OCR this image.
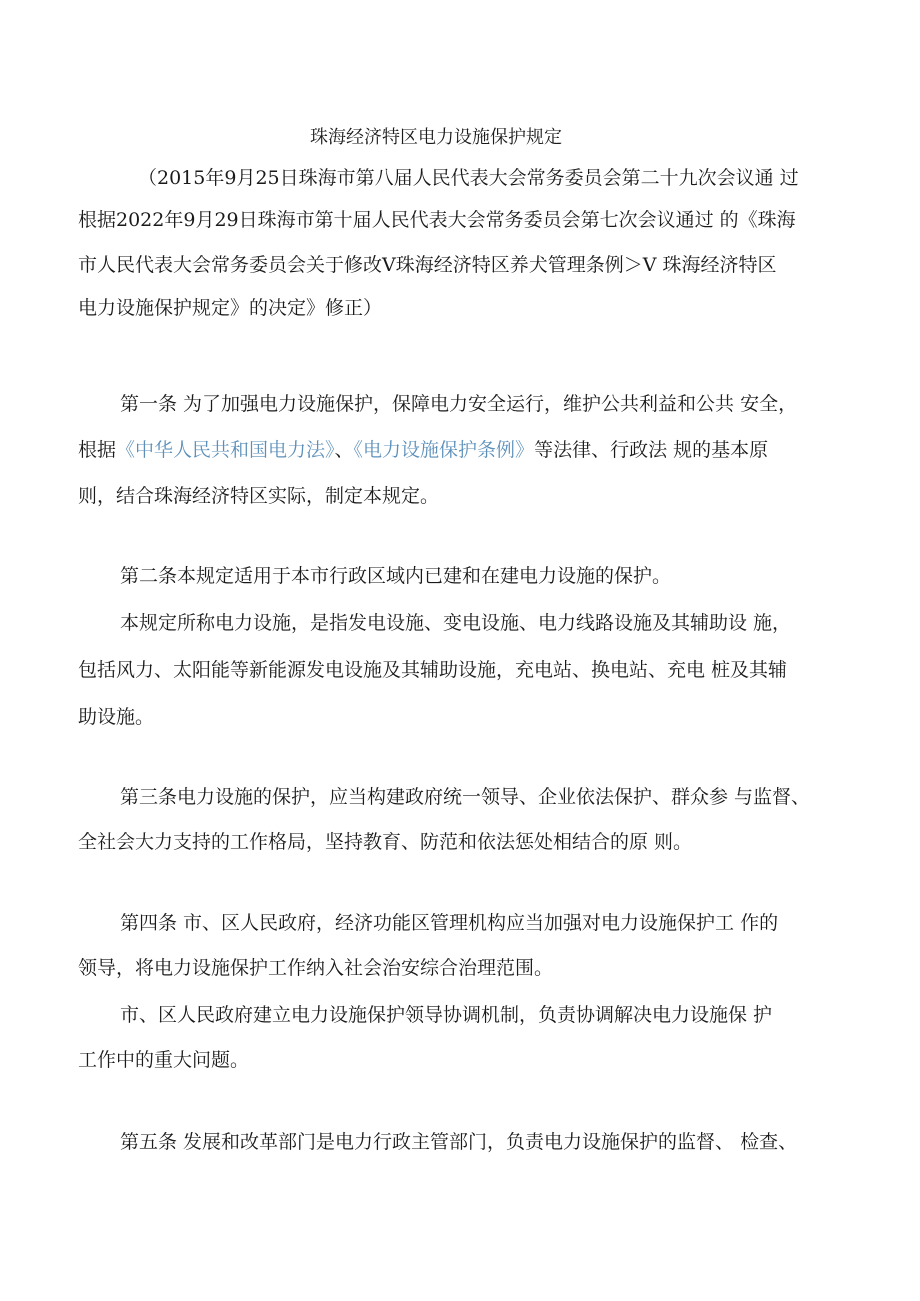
珠海经济特区电力设施保护规定
（2015年9月25日珠海市第八届人民代表大会常务委员会第二十九次会议通 过
根据2022年9月29日珠海市第十届人民代表大会常务委员会第七次会议通过 的《珠海
市人民代表大会常务委员会关于修改V珠海经济特区养犬管理条例＞V 珠海经济特区
电力设施保护规定》的决定》修正）
第一条 为了加强电力设施保护，保障电力安全运行，维护公共利益和公共 安全，
根据《中华人民共和国电力法》、《电力设施保护条例》等法律、行政法 规的基本原
则，结合珠海经济特区实际，制定本规定。
第二条本规定适用于本市行政区域内已建和在建电力设施的保护。
本规定所称电力设施，是指发电设施、变电设施、电力线路设施及其辅助设 施，
包括风力、太阳能等新能源发电设施及其辅助设施，充电站、换电站、充电 桩及其辅
助设施。
第三条电力设施的保护，应当构建政府统一领导、企业依法保护、群众参 与监督、
全社会大力支持的工作格局，坚持教育、防范和依法惩处相结合的原 则。
第四条 市、区人民政府，经济功能区管理机构应当加强对电力设施保护工 作的
领导，将电力设施保护工作纳入社会治安综合治理范围。
市、区人民政府建立电力设施保护领导协调机制，负责协调解决电力设施保 护
工作中的重大问题。
第五条 发展和改革部门是电力行政主管部门，负责电力设施保护的监督、 检查、
